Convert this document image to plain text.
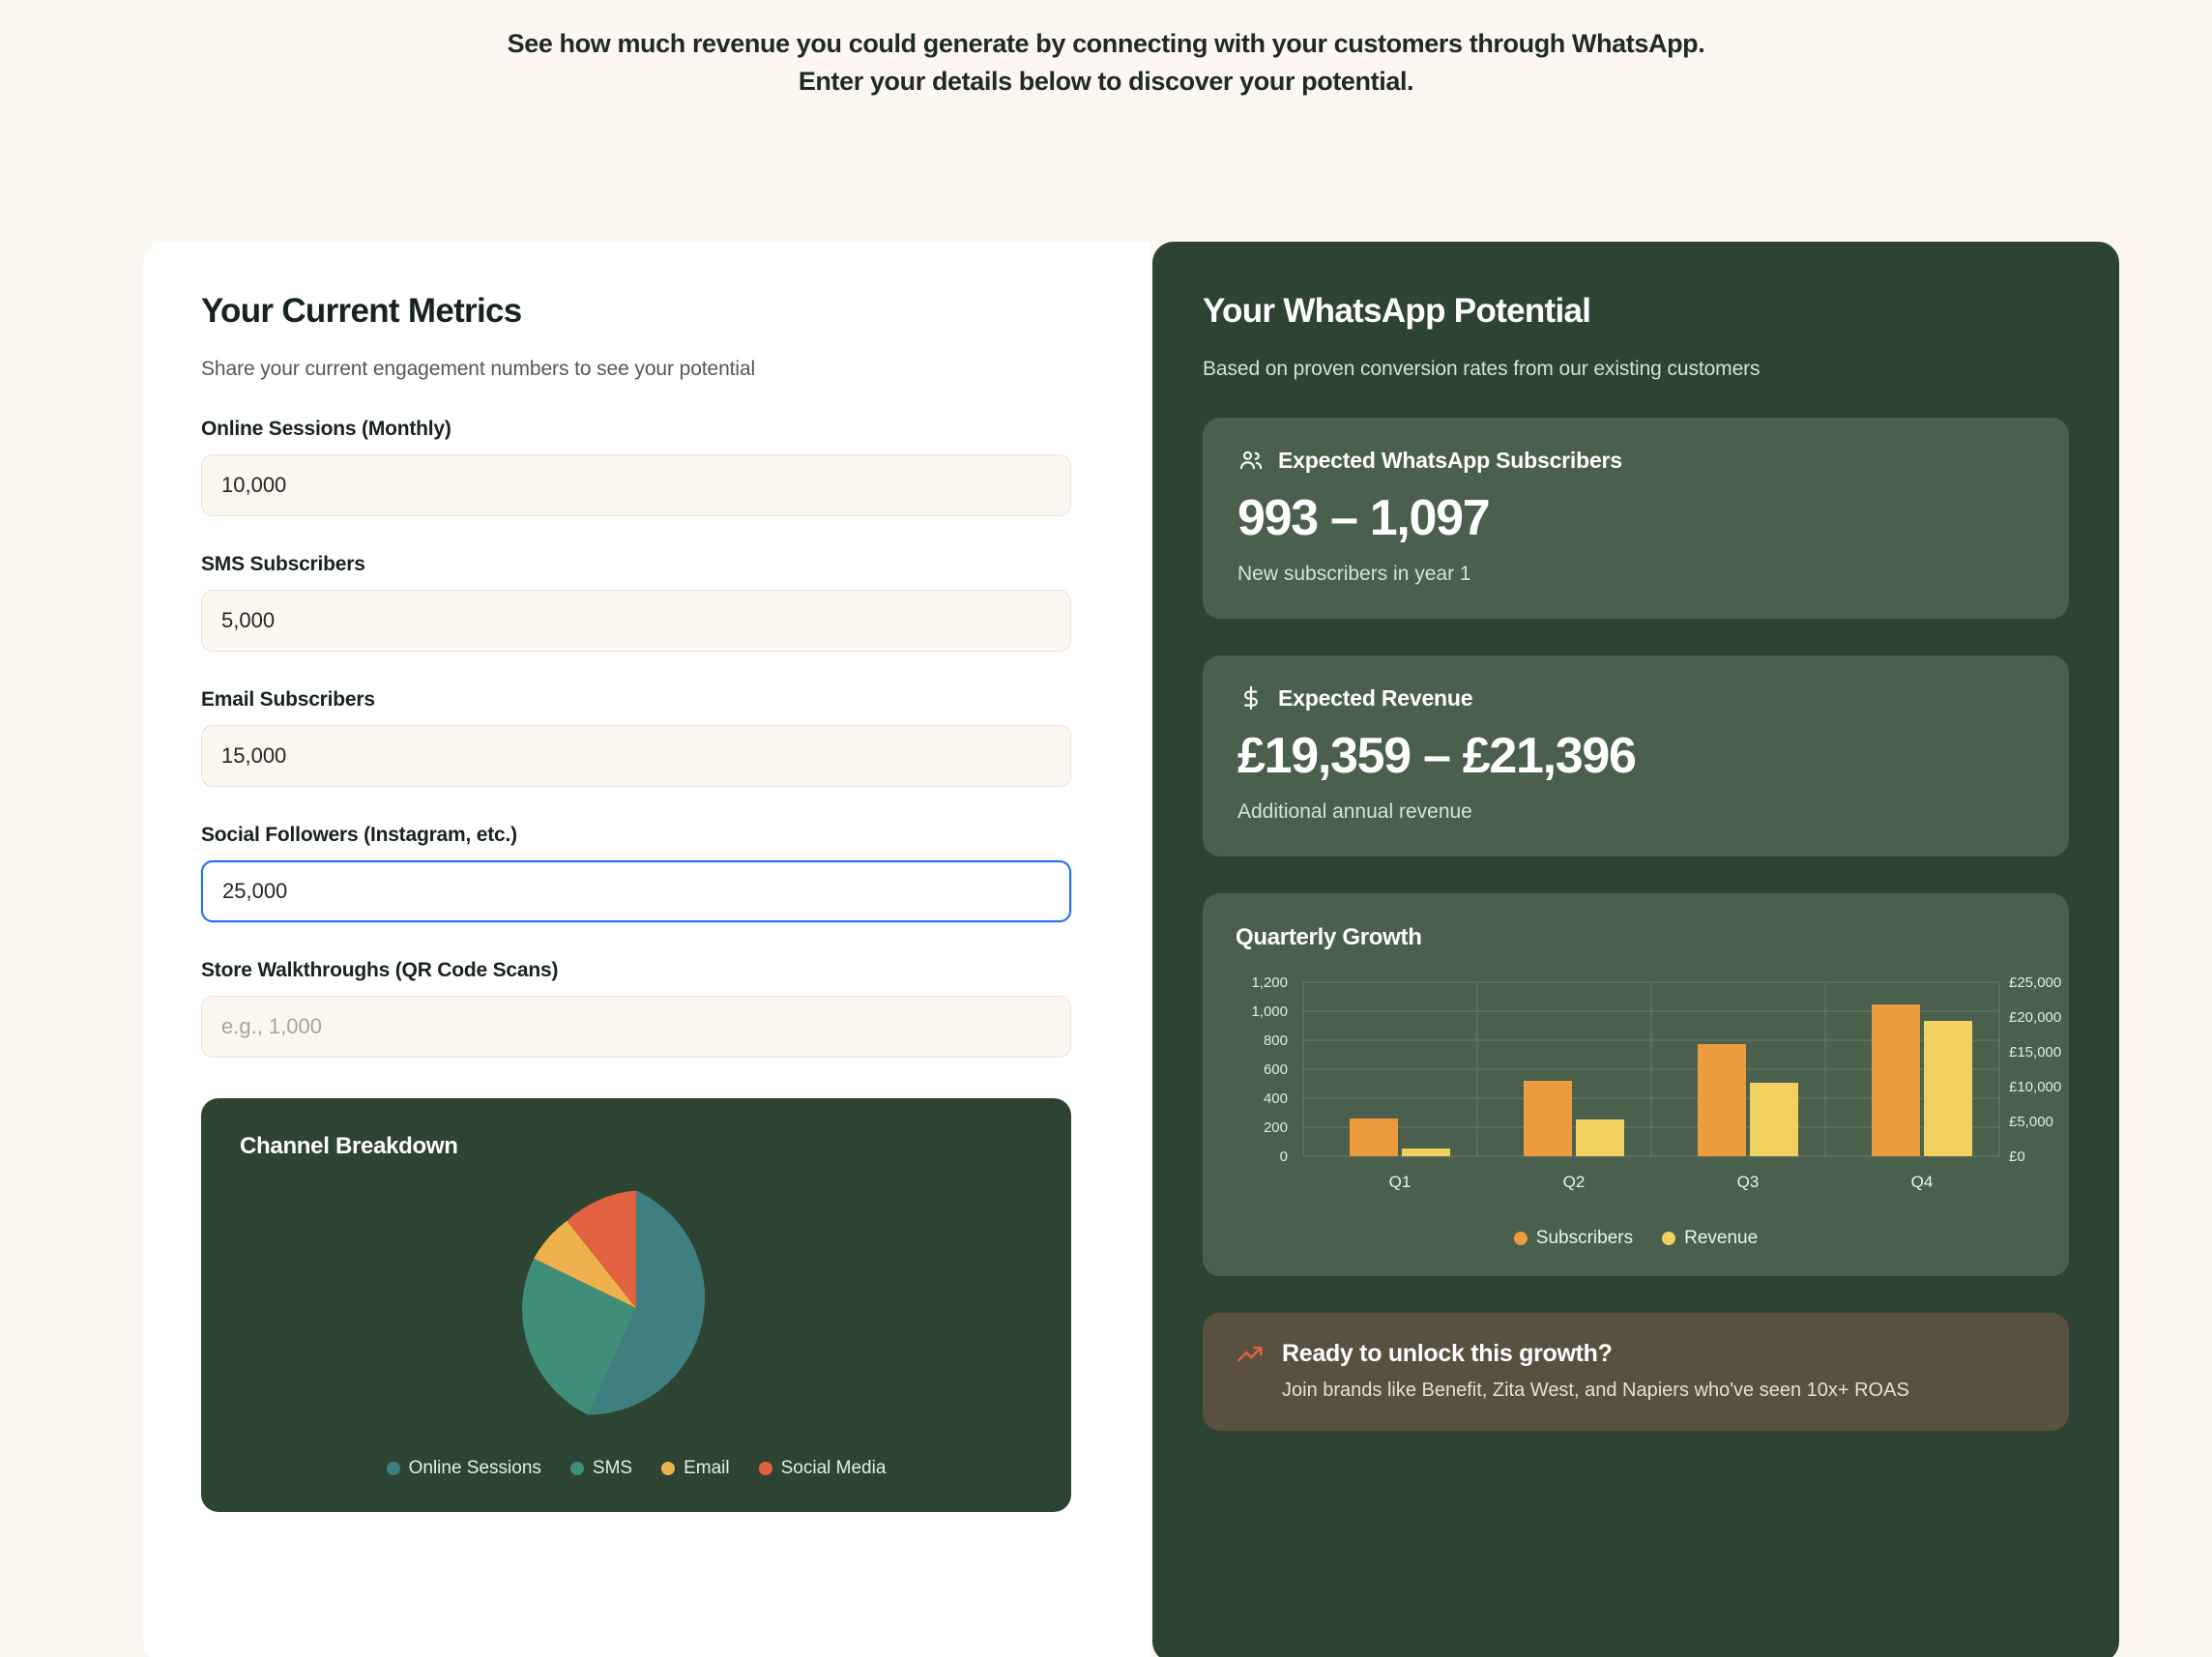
See how much revenue you could generate by connecting with your customers through WhatsApp.

Enter your details below to discover your potential.

Your Current Metrics
Share your current engagement numbers to see your potential
Online Sessions (Monthly)
10,000
SMS Subscribers
5,000
Email Subscribers
15,000
Social Followers (Instagram, etc.)
25,000
Store Walkthroughs (QR Code Scans)
e.g., 1,000
Channel Breakdown
Online Sessions	SMS	Email	Social Media
Your WhatsApp Potential
Based on proven conversion rates from our existing customers
Expected WhatsApp Subscribers
993 – 1,097
New subscribers in year 1
Expected Revenue
£19,359 – £21,396
Additional annual revenue
Quarterly Growth
1,200
1,000
800
600
400
200
0
£25,000
£20,000
£15,000
£10,000
£5,000
£0
Q1	Q2	Q3	Q4
Subscribers	Revenue
Ready to unlock this growth?

Join brands like Benefit, Zita West, and Napiers who've seen 10x+ ROAS
